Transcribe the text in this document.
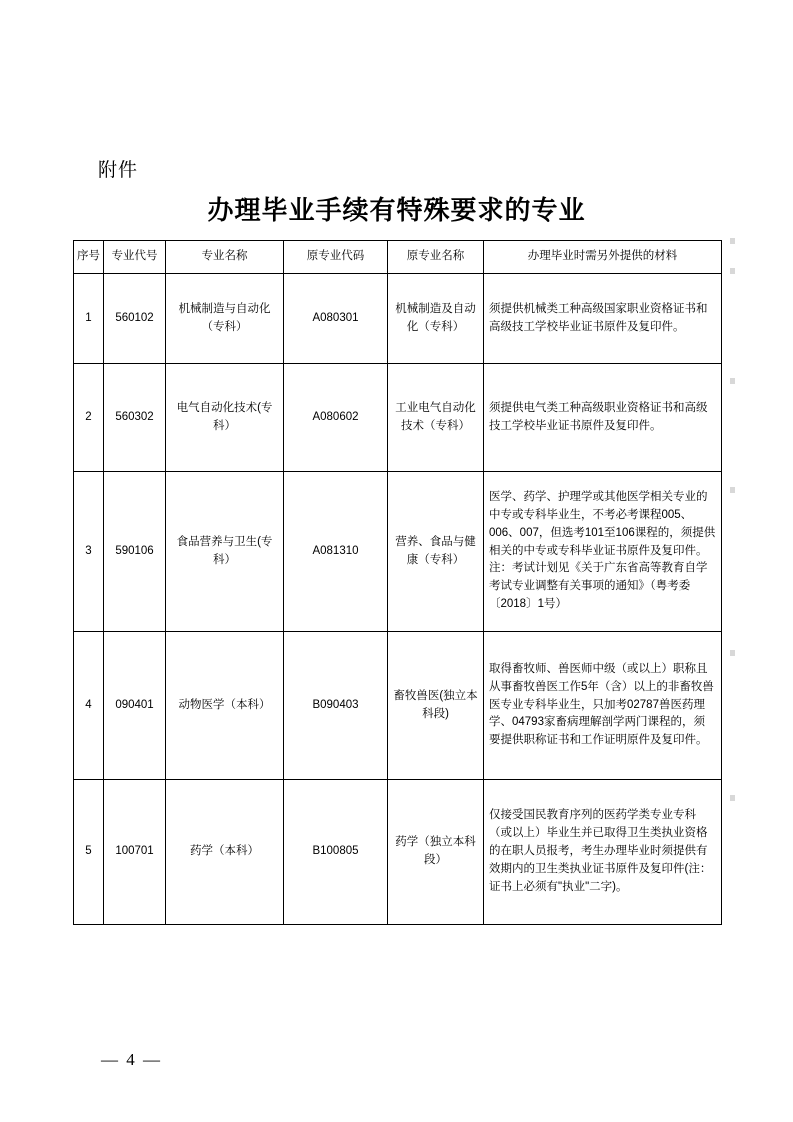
附件
办理毕业手续有特殊要求的专业
序号	专业代号	专业名称	原专业代码	原专业名称	办理毕业时需另外提供的材料
1	560102	机械制造与自动化（专科）	A080301	机械制造及自动化（专科）	须提供机械类工种高级国家职业资格证书和高级技工学校毕业证书原件及复印件。
2	560302	电气自动化技术(专科）	A080602	工业电气自动化技术（专科）	须提供电气类工种高级职业资格证书和高级技工学校毕业证书原件及复印件。
3	590106	食品营养与卫生(专科）	A081310	营养、食品与健康（专科）	医学、药学、护理学或其他医学相关专业的中专或专科毕业生，不考必考课程005、006、007，但选考101至106课程的，须提供相关的中专或专科毕业证书原件及复印件。注：考试计划见《关于广东省高等教育自学考试专业调整有关事项的通知》（粤考委〔2018〕1号）
4	090401	动物医学（本科）	B090403	畜牧兽医(独立本科段)	取得畜牧师、兽医师中级（或以上）职称且从事畜牧兽医工作5年（含）以上的非畜牧兽医专业专科毕业生，只加考02787兽医药理学、04793家畜病理解剖学两门课程的，须要提供职称证书和工作证明原件及复印件。
5	100701	药学（本科）	B100805	药学（独立本科段）	仅接受国民教育序列的医药学类专业专科（或以上）毕业生并已取得卫生类执业资格的在职人员报考，考生办理毕业时须提供有效期内的卫生类执业证书原件及复印件(注：证书上必须有"执业"二字)。
— 4 —
